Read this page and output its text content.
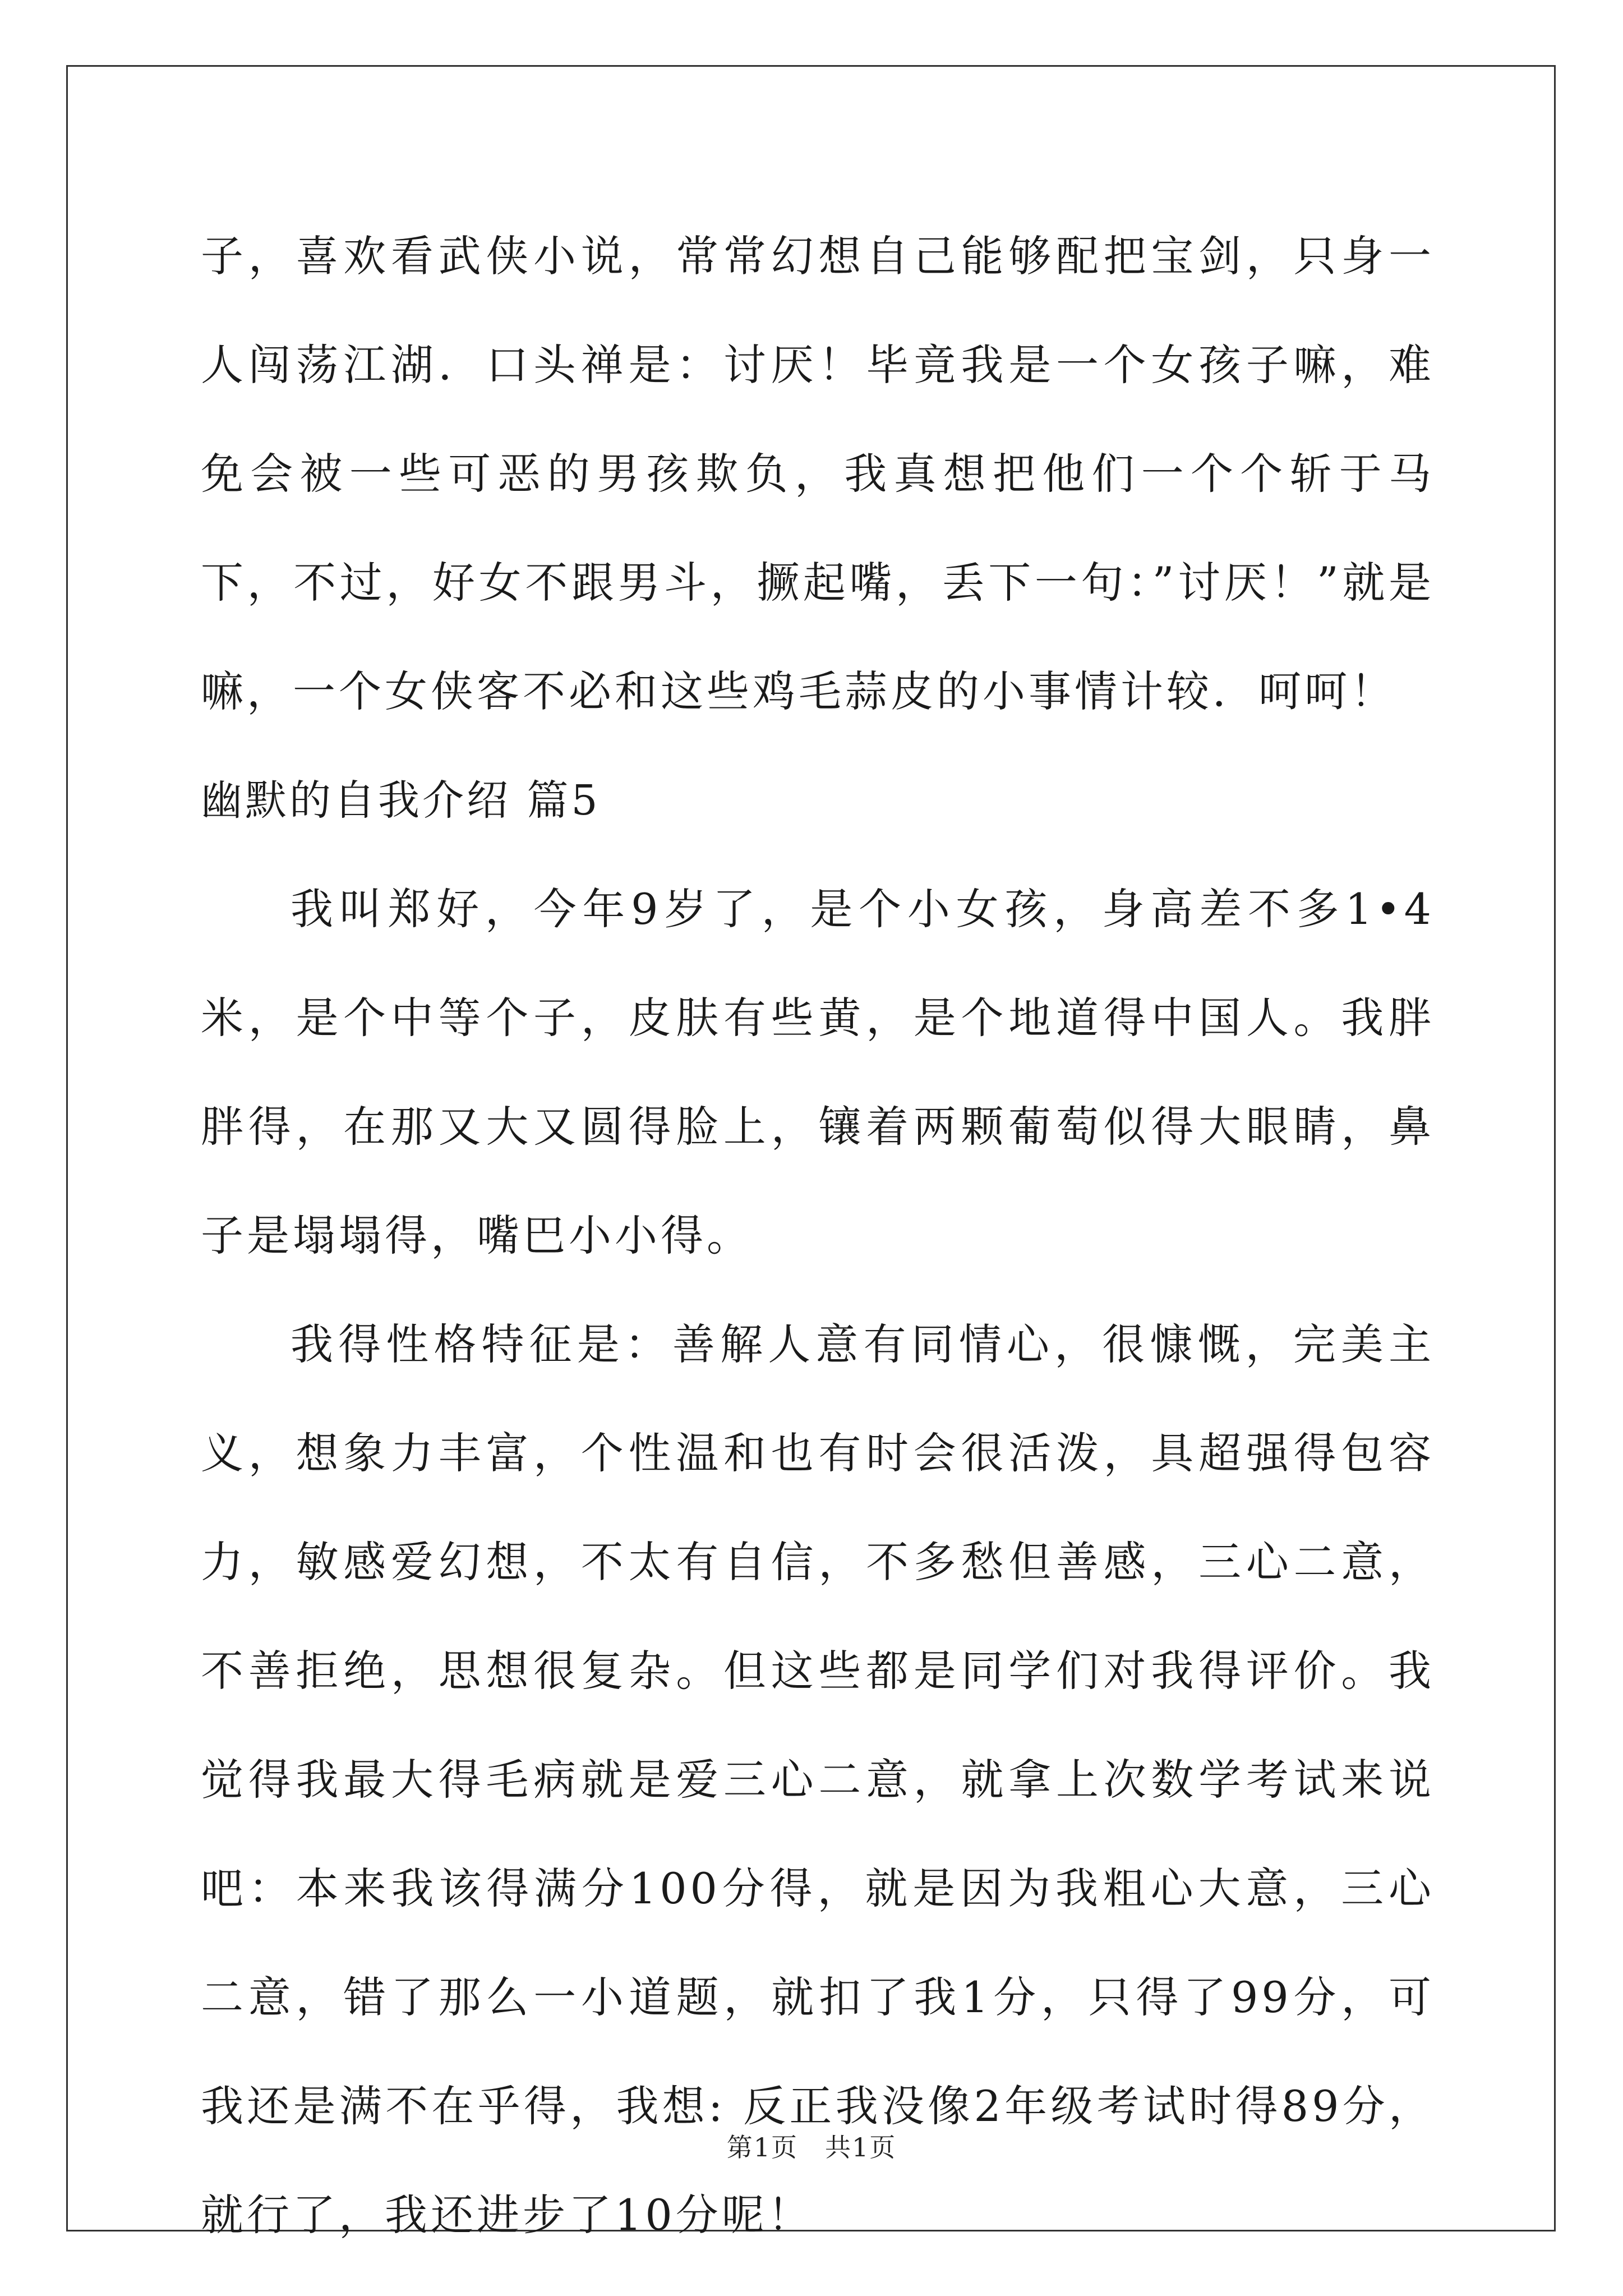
子，喜欢看武侠小说，常常幻想自己能够配把宝剑，只身一人闯荡江湖．口头禅是：讨厌！毕竟我是一个女孩子嘛，难免会被一些可恶的男孩欺负，我真想把他们一个个斩于马下，不过，好女不跟男斗，撅起嘴，丢下一句：”讨厌！”就是嘛，一个女侠客不必和这些鸡毛蒜皮的小事情计较．呵呵！

幽默的自我介绍 篇5

我叫郑好，今年9岁了，是个小女孩，身高差不多1•4米，是个中等个子，皮肤有些黄，是个地道得中国人。我胖胖得，在那又大又圆得脸上，镶着两颗葡萄似得大眼睛，鼻子是塌塌得，嘴巴小小得。

我得性格特征是：善解人意有同情心，很慷慨，完美主义，想象力丰富，个性温和也有时会很活泼，具超强得包容力，敏感爱幻想，不太有自信，不多愁但善感，三心二意，不善拒绝，思想很复杂。但这些都是同学们对我得评价。我觉得我最大得毛病就是爱三心二意，就拿上次数学考试来说吧：本来我该得满分100分得，就是因为我粗心大意，三心二意，错了那么一小道题，就扣了我1分，只得了99分，可我还是满不在乎得，我想: 反正我没像2年级考试时得89分，就行了，我还进步了10分呢！

第1页　共1页
